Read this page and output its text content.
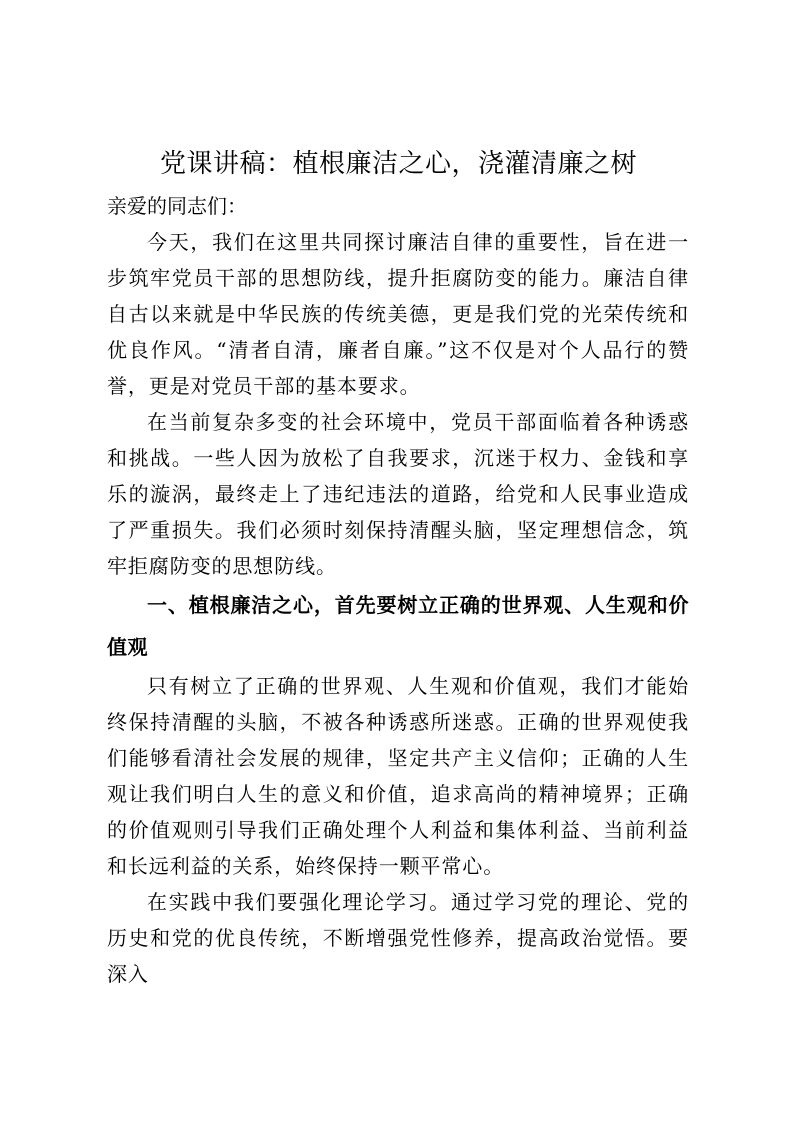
党课讲稿：植根廉洁之心，浇灌清廉之树

亲爱的同志们：

今天，我们在这里共同探讨廉洁自律的重要性，旨在进一步筑牢党员干部的思想防线，提升拒腐防变的能力。廉洁自律自古以来就是中华民族的传统美德，更是我们党的光荣传统和优良作风。“清者自清，廉者自廉。”这不仅是对个人品行的赞誉，更是对党员干部的基本要求。

在当前复杂多变的社会环境中，党员干部面临着各种诱惑和挑战。一些人因为放松了自我要求，沉迷于权力、金钱和享乐的漩涡，最终走上了违纪违法的道路，给党和人民事业造成了严重损失。我们必须时刻保持清醒头脑，坚定理想信念，筑牢拒腐防变的思想防线。

一、植根廉洁之心，首先要树立正确的世界观、人生观和价值观

只有树立了正确的世界观、人生观和价值观，我们才能始终保持清醒的头脑，不被各种诱惑所迷惑。正确的世界观使我们能够看清社会发展的规律，坚定共产主义信仰；正确的人生观让我们明白人生的意义和价值，追求高尚的精神境界；正确的价值观则引导我们正确处理个人利益和集体利益、当前利益和长远利益的关系，始终保持一颗平常心。

在实践中我们要强化理论学习。通过学习党的理论、党的历史和党的优良传统，不断增强党性修养，提高政治觉悟。要深入
